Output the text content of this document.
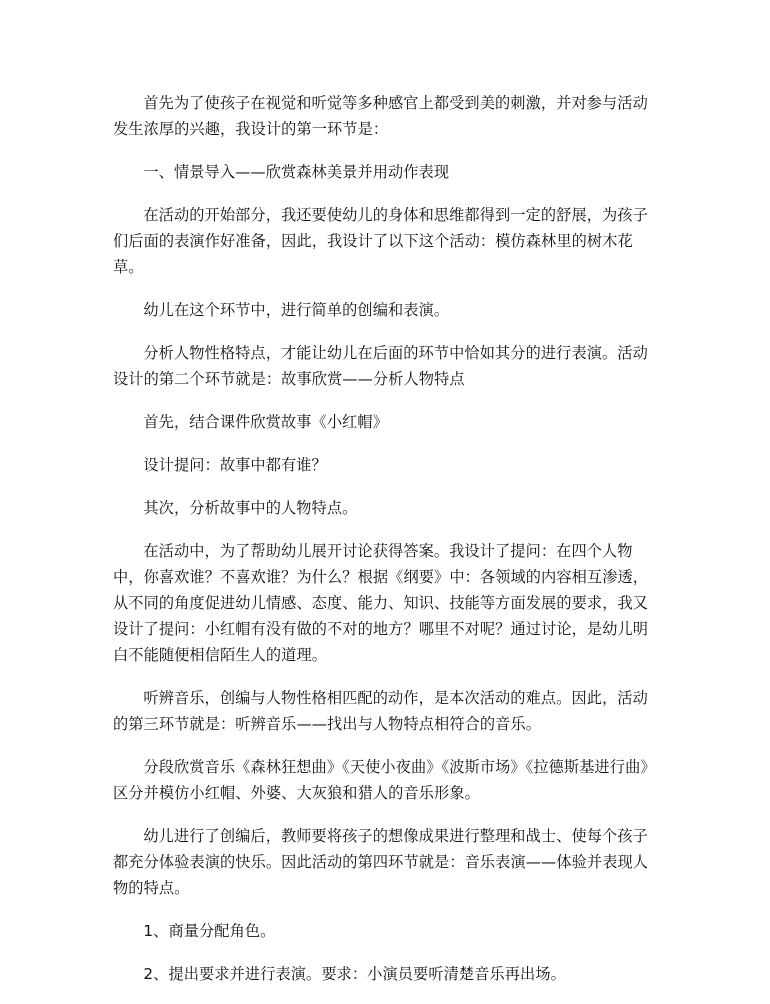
首先为了使孩子在视觉和听觉等多种感官上都受到美的刺激，并对参与活动发生浓厚的兴趣，我设计的第一环节是：

一、情景导入——欣赏森林美景并用动作表现

在活动的开始部分，我还要使幼儿的身体和思维都得到一定的舒展，为孩子们后面的表演作好准备，因此，我设计了以下这个活动：模仿森林里的树木花草。

幼儿在这个环节中，进行简单的创编和表演。

分析人物性格特点，才能让幼儿在后面的环节中恰如其分的进行表演。活动设计的第二个环节就是：故事欣赏——分析人物特点

首先，结合课件欣赏故事《小红帽》

设计提问：故事中都有谁？

其次，分析故事中的人物特点。

在活动中，为了帮助幼儿展开讨论获得答案。我设计了提问：在四个人物中，你喜欢谁？不喜欢谁？为什么？根据《纲要》中：各领域的内容相互渗透，从不同的角度促进幼儿情感、态度、能力、知识、技能等方面发展的要求，我又设计了提问：小红帽有没有做的不对的地方？哪里不对呢？通过讨论，是幼儿明白不能随便相信陌生人的道理。

听辨音乐，创编与人物性格相匹配的动作，是本次活动的难点。因此，活动的第三环节就是：听辨音乐——找出与人物特点相符合的音乐。

分段欣赏音乐《森林狂想曲》《天使小夜曲》《波斯市场》《拉德斯基进行曲》区分并模仿小红帽、外婆、大灰狼和猎人的音乐形象。

幼儿进行了创编后，教师要将孩子的想像成果进行整理和战士、使每个孩子都充分体验表演的快乐。因此活动的第四环节就是：音乐表演——体验并表现人物的特点。

1、商量分配角色。

2、提出要求并进行表演。要求：小演员要听清楚音乐再出场。
